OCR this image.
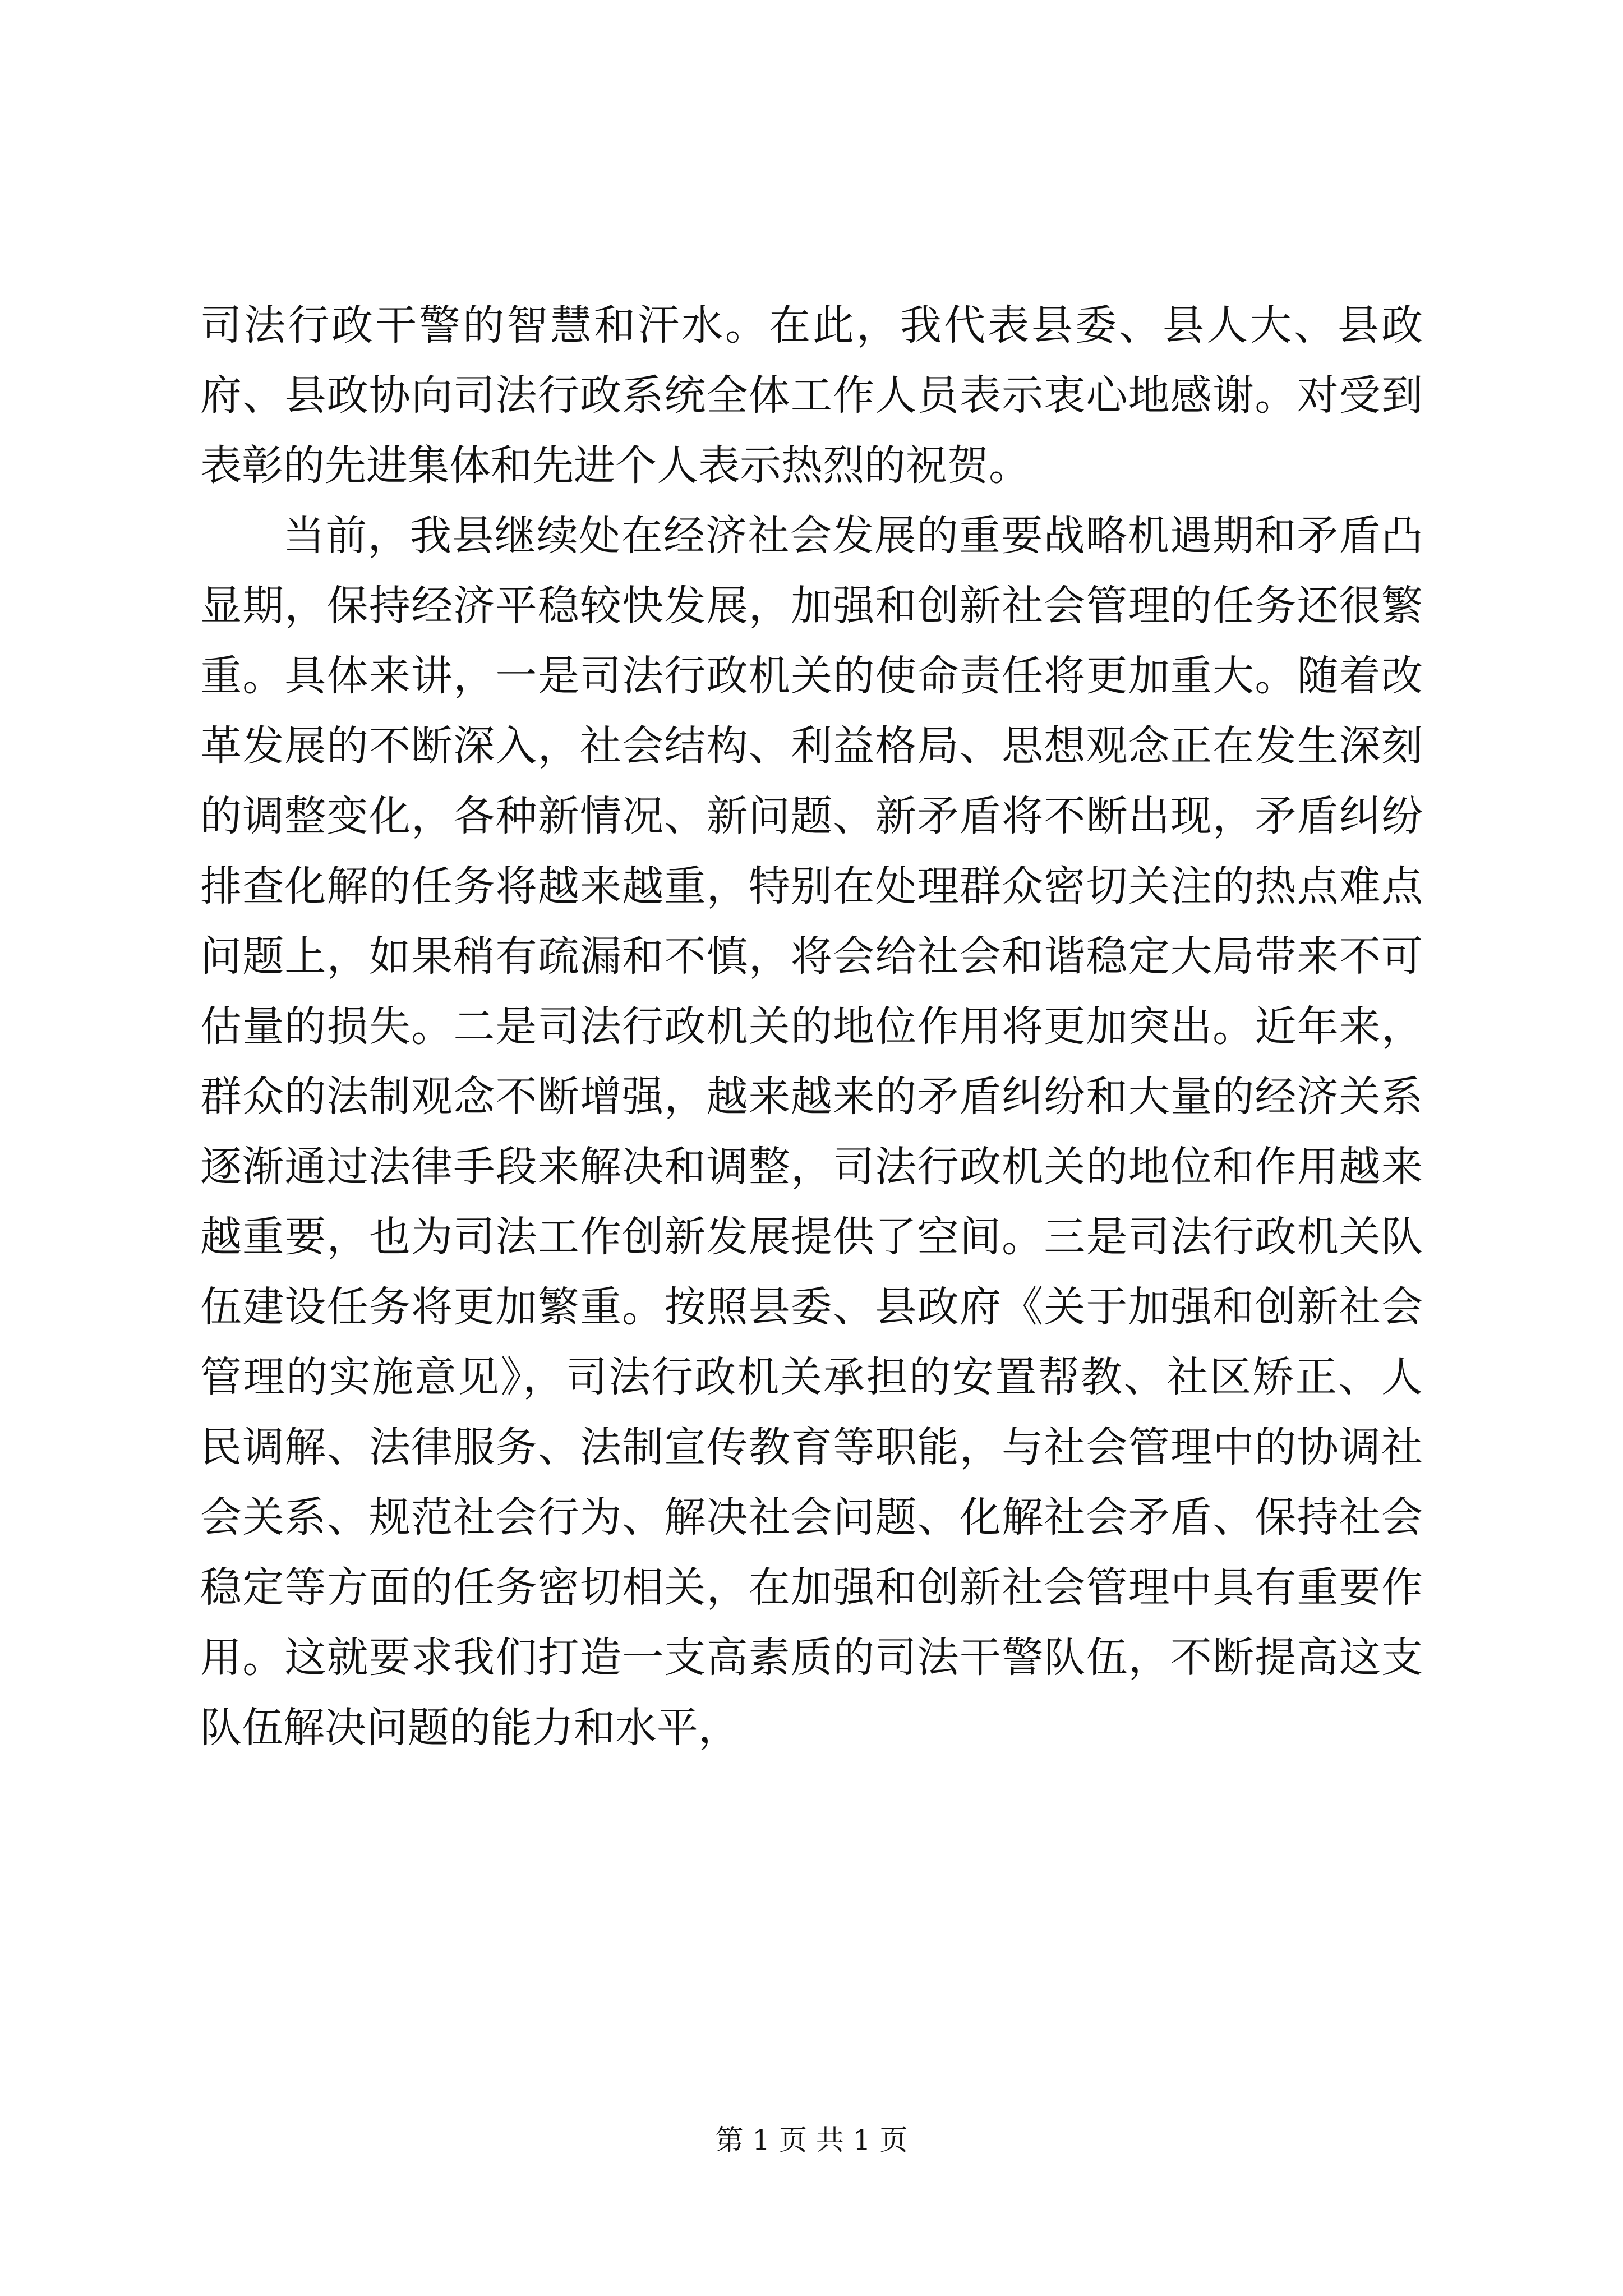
司法行政干警的智慧和汗水。在此，我代表县委、县人大、县政府、县政协向司法行政系统全体工作人员表示衷心地感谢。对受到表彰的先进集体和先进个人表示热烈的祝贺。

当前，我县继续处在经济社会发展的重要战略机遇期和矛盾凸显期，保持经济平稳较快发展，加强和创新社会管理的任务还很繁重。具体来讲，一是司法行政机关的使命责任将更加重大。随着改革发展的不断深入，社会结构、利益格局、思想观念正在发生深刻的调整变化，各种新情况、新问题、新矛盾将不断出现，矛盾纠纷排查化解的任务将越来越重，特别在处理群众密切关注的热点难点问题上，如果稍有疏漏和不慎，将会给社会和谐稳定大局带来不可估量的损失。二是司法行政机关的地位作用将更加突出。近年来，群众的法制观念不断增强，越来越来的矛盾纠纷和大量的经济关系逐渐通过法律手段来解决和调整，司法行政机关的地位和作用越来越重要，也为司法工作创新发展提供了空间。三是司法行政机关队伍建设任务将更加繁重。按照县委、县政府《关于加强和创新社会管理的实施意见》，司法行政机关承担的安置帮教、社区矫正、人民调解、法律服务、法制宣传教育等职能，与社会管理中的协调社会关系、规范社会行为、解决社会问题、化解社会矛盾、保持社会稳定等方面的任务密切相关，在加强和创新社会管理中具有重要作用。这就要求我们打造一支高素质的司法干警队伍，不断提高这支队伍解决问题的能力和水平，

第 1 页 共 1 页
